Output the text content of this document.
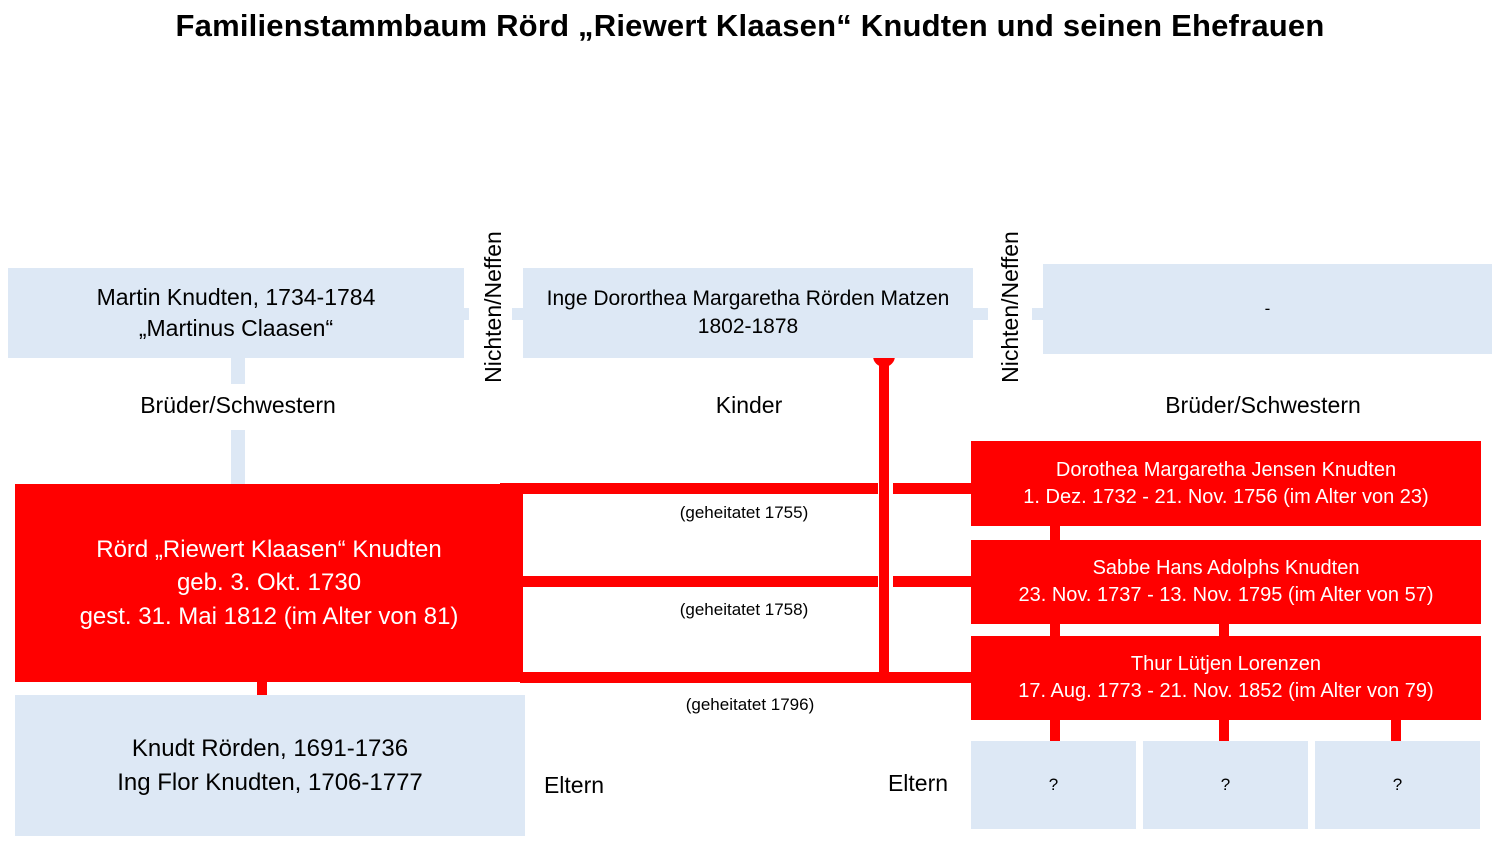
Familienstammbaum Rörd „Riewert Klaasen“ Knudten und seinen Ehefrauen
Martin Knudten, 1734-1784
„Martinus Claasen“	Nichten/Neffen Inge Dororthea Margaretha Rörden Matzen
1802-1878	Nichten/Neffen	-
Brüder/Schwestern	Kinder	Brüder/Schwestern
Rörd „Riewert Klaasen“ Knudten
geb. 3. Okt. 1730
gest. 31. Mai 1812 (im Alter von 81)
(geheitatet 1755)
(geheitatet 1758)
(geheitatet 1796)
Dorothea Margaretha Jensen Knudten
1. Dez. 1732 - 21. Nov. 1756 (im Alter von 23)
Sabbe Hans Adolphs Knudten
23. Nov. 1737 - 13. Nov. 1795 (im Alter von 57)
Thur Lütjen Lorenzen
17. Aug. 1773 - 21. Nov. 1852 (im Alter von 79)
Knudt Rörden, 1691-1736
Ing Flor Knudten, 1706-1777	Eltern	Eltern	?	?	?
